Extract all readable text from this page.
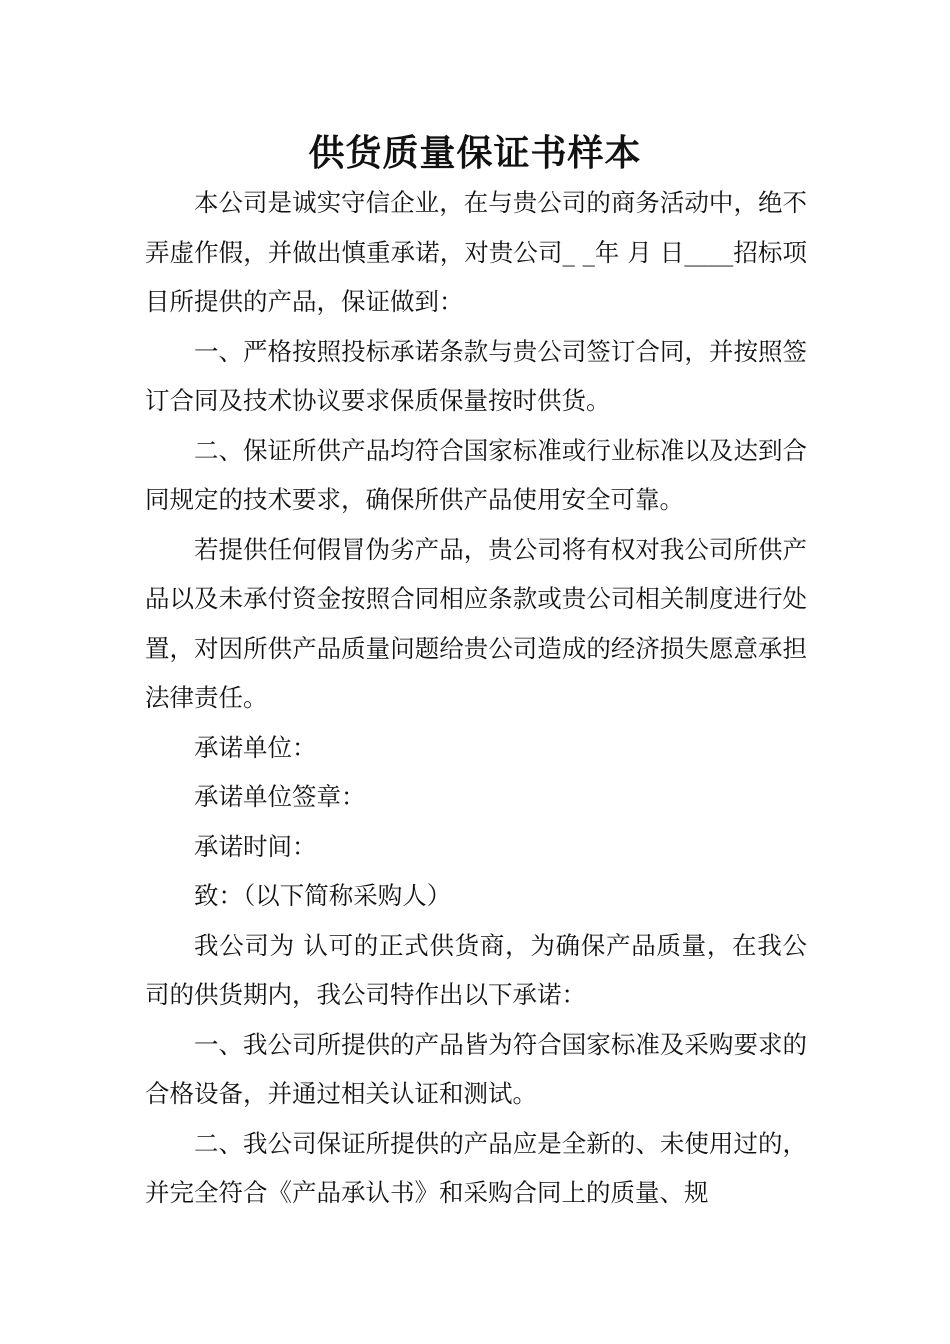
供货质量保证书样本

本公司是诚实守信企业，在与贵公司的商务活动中，绝不弄虚作假，并做出慎重承诺，对贵公司_ _年 月 日____招标项目所提供的产品，保证做到：

一、严格按照投标承诺条款与贵公司签订合同，并按照签订合同及技术协议要求保质保量按时供货。

二、保证所供产品均符合国家标准或行业标准以及达到合同规定的技术要求，确保所供产品使用安全可靠。

若提供任何假冒伪劣产品，贵公司将有权对我公司所供产品以及未承付资金按照合同相应条款或贵公司相关制度进行处置，对因所供产品质量问题给贵公司造成的经济损失愿意承担法律责任。

承诺单位：

承诺单位签章：

承诺时间：

致：（以下简称采购人）

我公司为 认可的正式供货商，为确保产品质量，在我公司的供货期内，我公司特作出以下承诺：

一、我公司所提供的产品皆为符合国家标准及采购要求的合格设备，并通过相关认证和测试。

二、我公司保证所提供的产品应是全新的、未使用过的，并完全符合《产品承认书》和采购合同上的质量、规
